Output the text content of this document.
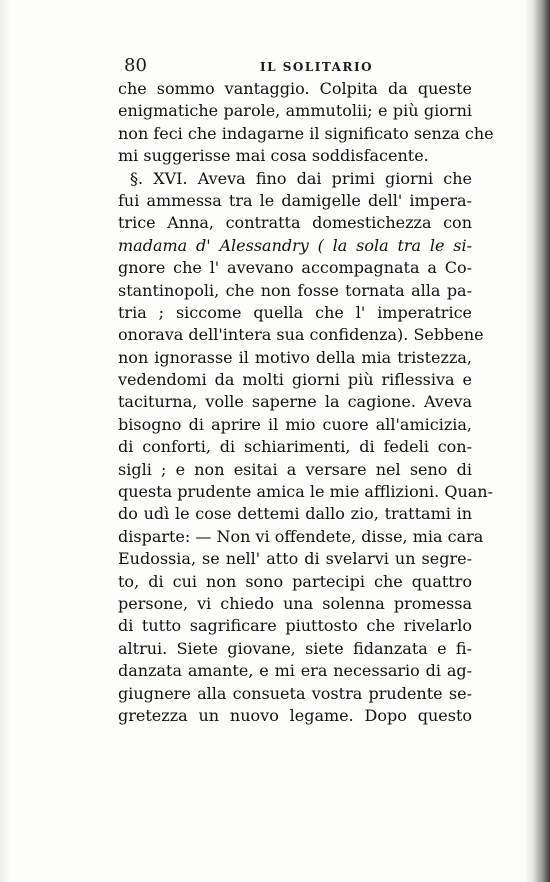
80	IL SOLITARIO
che sommo vantaggio. Colpita da queste
enigmatiche parole, ammutolii; e più giorni
non feci che indagarne il significato senza che
mi suggerisse mai cosa soddisfacente.
§. XVI. Aveva fino dai primi giorni che
fui ammessa tra le damigelle dell' impera-
trice Anna, contratta domestichezza con
madama d' Alessandry ( la sola tra le si-
gnore che l' avevano accompagnata a Co-
stantinopoli, che non fosse tornata alla pa-
tria ; siccome quella che l' imperatrice
onorava dell'intera sua confidenza). Sebbene
non ignorasse il motivo della mia tristezza,
vedendomi da molti giorni più riflessiva e
taciturna, volle saperne la cagione. Aveva
bisogno di aprire il mio cuore all'amicizia,
di conforti, di schiarimenti, di fedeli con-
sigli ; e non esitai a versare nel seno di
questa prudente amica le mie afflizioni. Quan-
do udì le cose dettemi dallo zio, trattami in
disparte: — Non vi offendete, disse, mia cara
Eudossia, se nell' atto di svelarvi un segre-
to, di cui non sono partecipi che quattro
persone, vi chiedo una solenna promessa
di tutto sagrificare piuttosto che rivelarlo
altrui. Siete giovane, siete fidanzata e fi-
danzata amante, e mi era necessario di ag-
giugnere alla consueta vostra prudente se-
gretezza un nuovo legame. Dopo questo
